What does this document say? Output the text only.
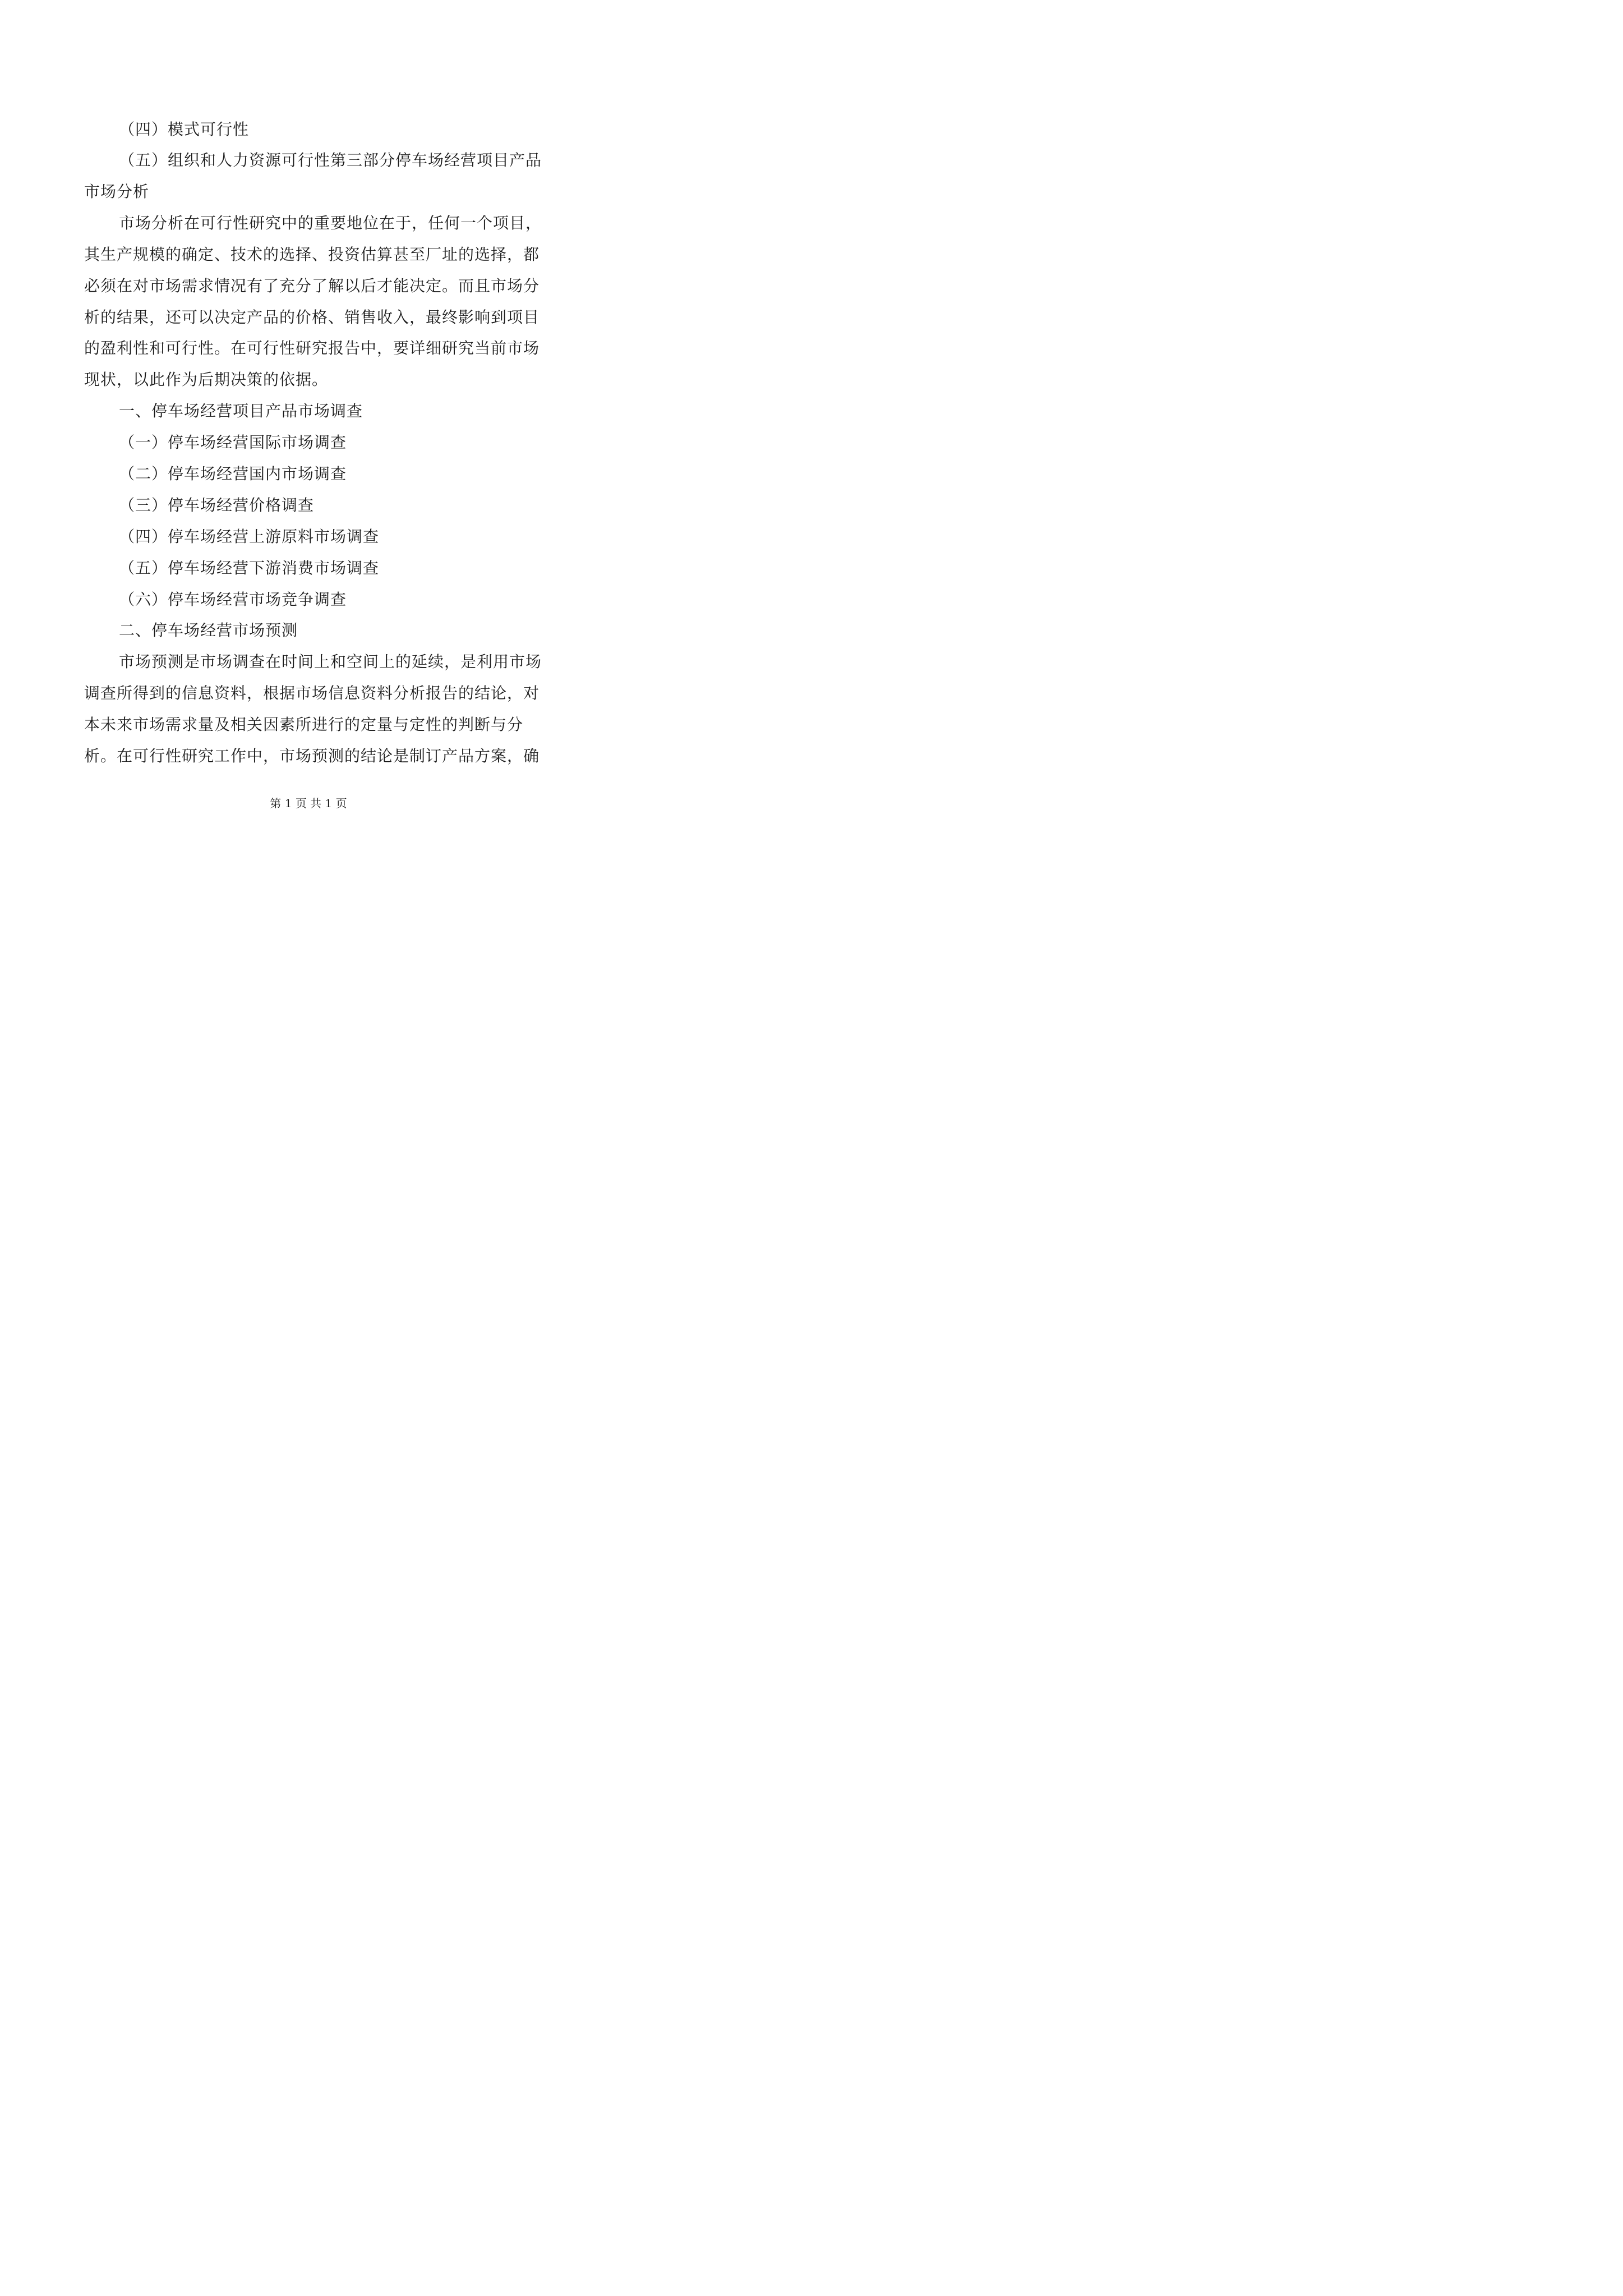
（四）模式可行性
（五）组织和人力资源可行性第三部分停车场经营项目产品
市场分析
市场分析在可行性研究中的重要地位在于，任何一个项目，
其生产规模的确定、技术的选择、投资估算甚至厂址的选择，都
必须在对市场需求情况有了充分了解以后才能决定。而且市场分
析的结果，还可以决定产品的价格、销售收入，最终影响到项目
的盈利性和可行性。在可行性研究报告中，要详细研究当前市场
现状，以此作为后期决策的依据。
一、停车场经营项目产品市场调查
（一）停车场经营国际市场调查
（二）停车场经营国内市场调查
（三）停车场经营价格调查
（四）停车场经营上游原料市场调查
（五）停车场经营下游消费市场调查
（六）停车场经营市场竞争调查
二、停车场经营市场预测
市场预测是市场调查在时间上和空间上的延续，是利用市场
调查所得到的信息资料，根据市场信息资料分析报告的结论，对
本未来市场需求量及相关因素所进行的定量与定性的判断与分
析。在可行性研究工作中，市场预测的结论是制订产品方案，确
第 1 页 共 1 页
